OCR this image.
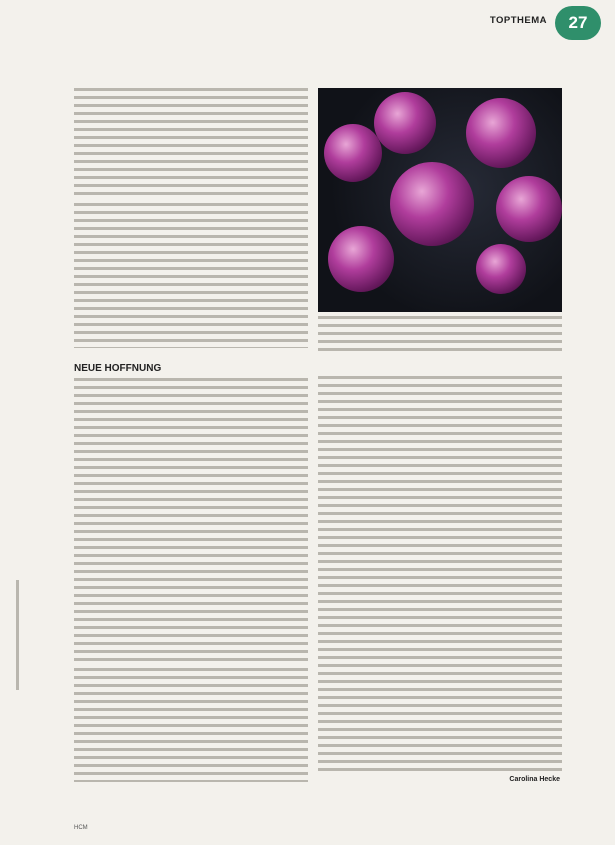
TOPTHEMA	27
NEUE HOFFNUNG
Carolina Hecke
HCM
